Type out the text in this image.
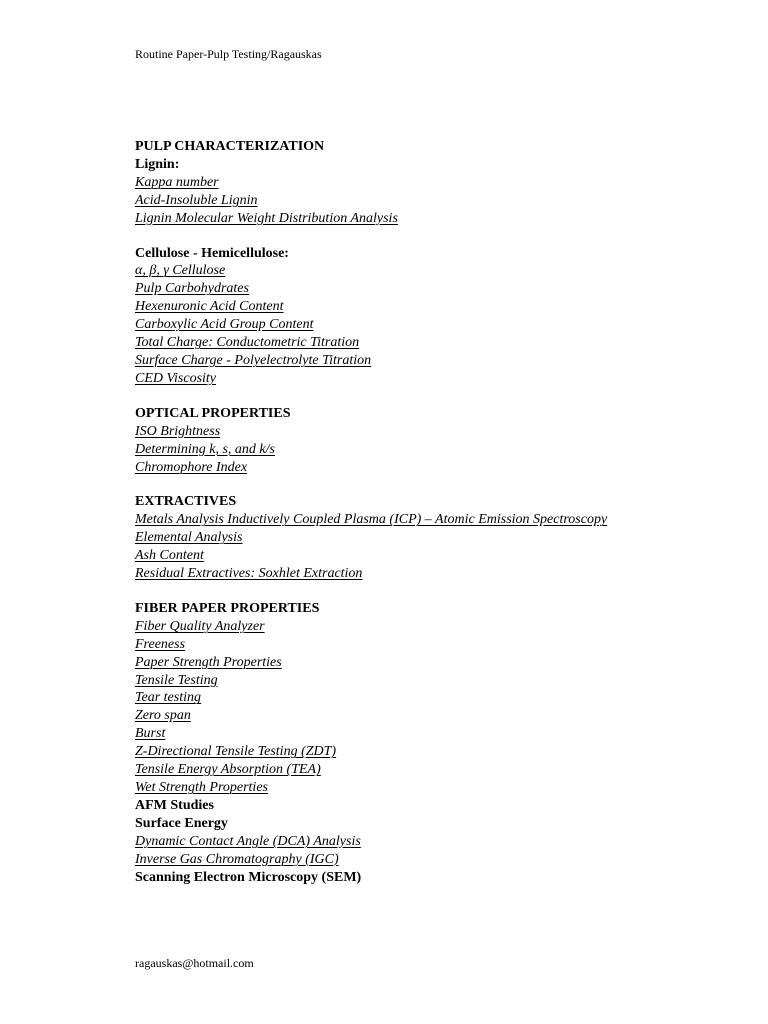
Routine Paper-Pulp Testing/Ragauskas
PULP CHARACTERIZATION
Lignin:
Kappa number
Acid-Insoluble Lignin
Lignin Molecular Weight Distribution Analysis
Cellulose - Hemicellulose:
α, β, γ Cellulose
Pulp Carbohydrates
Hexenuronic Acid Content
Carboxylic Acid Group Content
Total Charge: Conductometric Titration
Surface Charge - Polyelectrolyte Titration
CED Viscosity
OPTICAL PROPERTIES
ISO Brightness
Determining k, s, and k/s
Chromophore Index
EXTRACTIVES
Metals Analysis Inductively Coupled Plasma (ICP) – Atomic Emission Spectroscopy
Elemental Analysis
Ash Content
Residual Extractives: Soxhlet Extraction
FIBER PAPER PROPERTIES
Fiber Quality Analyzer
Freeness
Paper Strength Properties
Tensile Testing
Tear testing
Zero span
Burst
Z-Directional Tensile Testing (ZDT)
Tensile Energy Absorption (TEA)
Wet Strength Properties
AFM Studies
Surface Energy
Dynamic Contact Angle (DCA) Analysis
Inverse Gas Chromatography (IGC)
Scanning Electron Microscopy (SEM)
ragauskas@hotmail.com
